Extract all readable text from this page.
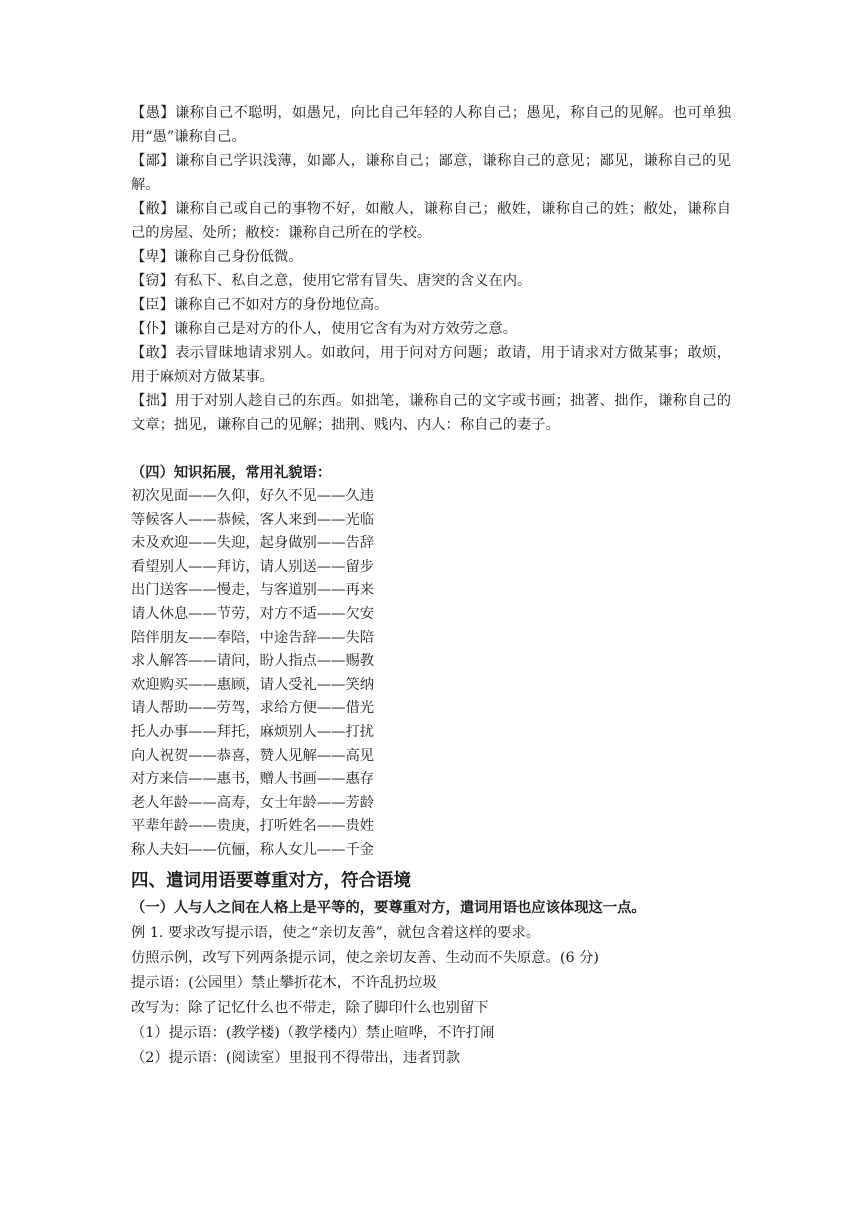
【愚】谦称自己不聪明，如愚兄，向比自己年轻的人称自己；愚见，称自己的见解。也可单独用“愚”谦称自己。

【鄙】谦称自己学识浅薄，如鄙人，谦称自己；鄙意，谦称自己的意见；鄙见，谦称自己的见解。

【敝】谦称自己或自己的事物不好，如敝人，谦称自己；敝姓，谦称自己的姓；敝处，谦称自己的房屋、处所；敝校：谦称自己所在的学校。

【卑】谦称自己身份低微。

【窃】有私下、私自之意，使用它常有冒失、唐突的含义在内。

【臣】谦称自己不如对方的身份地位高。

【仆】谦称自己是对方的仆人，使用它含有为对方效劳之意。

【敢】表示冒昧地请求别人。如敢问，用于问对方问题；敢请，用于请求对方做某事；敢烦，用于麻烦对方做某事。

【拙】用于对别人趁自己的东西。如拙笔，谦称自己的文字或书画；拙著、拙作，谦称自己的文章；拙见，谦称自己的见解；拙荆、贱内、内人：称自己的妻子。

（四）知识拓展，常用礼貌语：

初次见面——久仰，好久不见——久违

等候客人——恭候，客人来到——光临

未及欢迎——失迎，起身做别——告辞

看望别人——拜访，请人别送——留步

出门送客——慢走，与客道别——再来

请人休息——节劳，对方不适——欠安

陪伴朋友——奉陪，中途告辞——失陪

求人解答——请问，盼人指点——赐教

欢迎购买——惠顾，请人受礼——笑纳

请人帮助——劳驾，求给方便——借光

托人办事——拜托，麻烦别人——打扰

向人祝贺——恭喜，赞人见解——高见

对方来信——惠书，赠人书画——惠存

老人年龄——高寿，女士年龄——芳龄

平辈年龄——贵庚，打听姓名——贵姓

称人夫妇——伉俪，称人女儿——千金

四、遣词用语要尊重对方，符合语境

（一）人与人之间在人格上是平等的，要尊重对方，遣词用语也应该体现这一点。

例 1. 要求改写提示语，使之“亲切友善”，就包含着这样的要求。

仿照示例，改写下列两条提示词，使之亲切友善、生动而不失原意。(6 分)

提示语：(公园里）禁止攀折花木，不许乱扔垃圾

改写为：除了记忆什么也不带走，除了脚印什么也别留下

（1）提示语：(教学楼)（教学楼内）禁止喧哗，不许打闹

（2）提示语：(阅读室）里报刊不得带出，违者罚款
